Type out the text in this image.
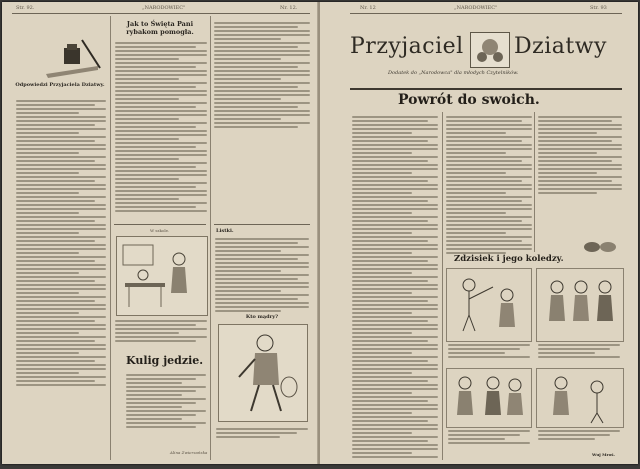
Str. 92.	„NARODOWIEC"	Nr. 12.
Odpowiedzi Przyjaciela Dziatwy.
Jak to Święta Pani rybakom pomogła.
W szkole.
Kulig jedzie.
Alina Zwierzańska
Listki.
Kto mądry?
Nr. 12	„NARODOWIEC"	Str. 93
Przyjaciel Dziatwy
Dodatek do „Narodowca" dla młodych Czytelników.
Powrót do swoich.
Zdzisiek i jego koledzy.
Wuj Mroś.
